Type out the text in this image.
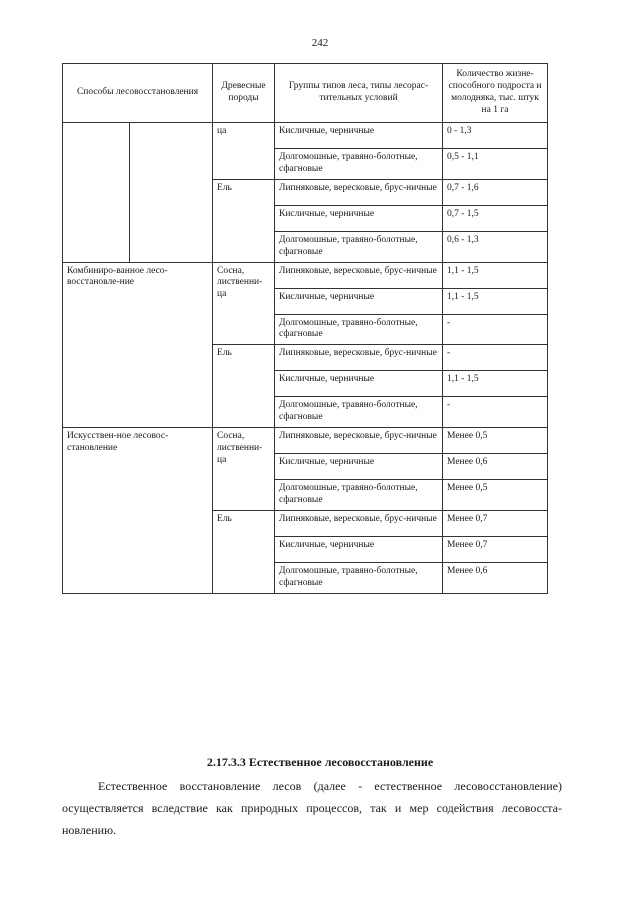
242
Способы лесовосстановления		Древесные породы	Группы типов леса, типы лесорас-тительных условий	Количество жизне-способного подроста и молодняка, тыс. штук на 1 га
		ца	Кисличные, черничные	0 - 1,3
			Долгомошные, травяно-болотные, сфагновые	0,5 - 1,1
		Ель	Липняковые, вересковые, брус-ничные	0,7 - 1,6
			Кисличные, черничные	0,7 - 1,5
			Долгомошные, травяно-болотные, сфагновые	0,6 - 1,3
Комбиниро-ванное лесо-восстановле-ние		Сосна, лиственни-ца	Липняковые, вересковые, брус-ничные	1,1 - 1,5
			Кисличные, черничные	1,1 - 1,5
			Долгомошные, травяно-болотные, сфагновые	-
		Ель	Липняковые, вересковые, брус-ничные	-
			Кисличные, черничные	1,1 - 1,5
			Долгомошные, травяно-болотные, сфагновые	-
Искусствен-ное лесовос-становление		Сосна, лиственни-ца	Липняковые, вересковые, брус-ничные	Менее 0,5
			Кисличные, черничные	Менее 0,6
			Долгомошные, травяно-болотные, сфагновые	Менее 0,5
		Ель	Липняковые, вересковые, брус-ничные	Менее 0,7
			Кисличные, черничные	Менее 0,7
			Долгомошные, травяно-болотные, сфагновые	Менее 0,6
2.17.3.3 Естественное лесовосстановление
Естественное восстановление лесов (далее - естественное лесовосстановление)
осуществляется вследствие как природных процессов, так и мер содействия лесовосста-
новлению.
